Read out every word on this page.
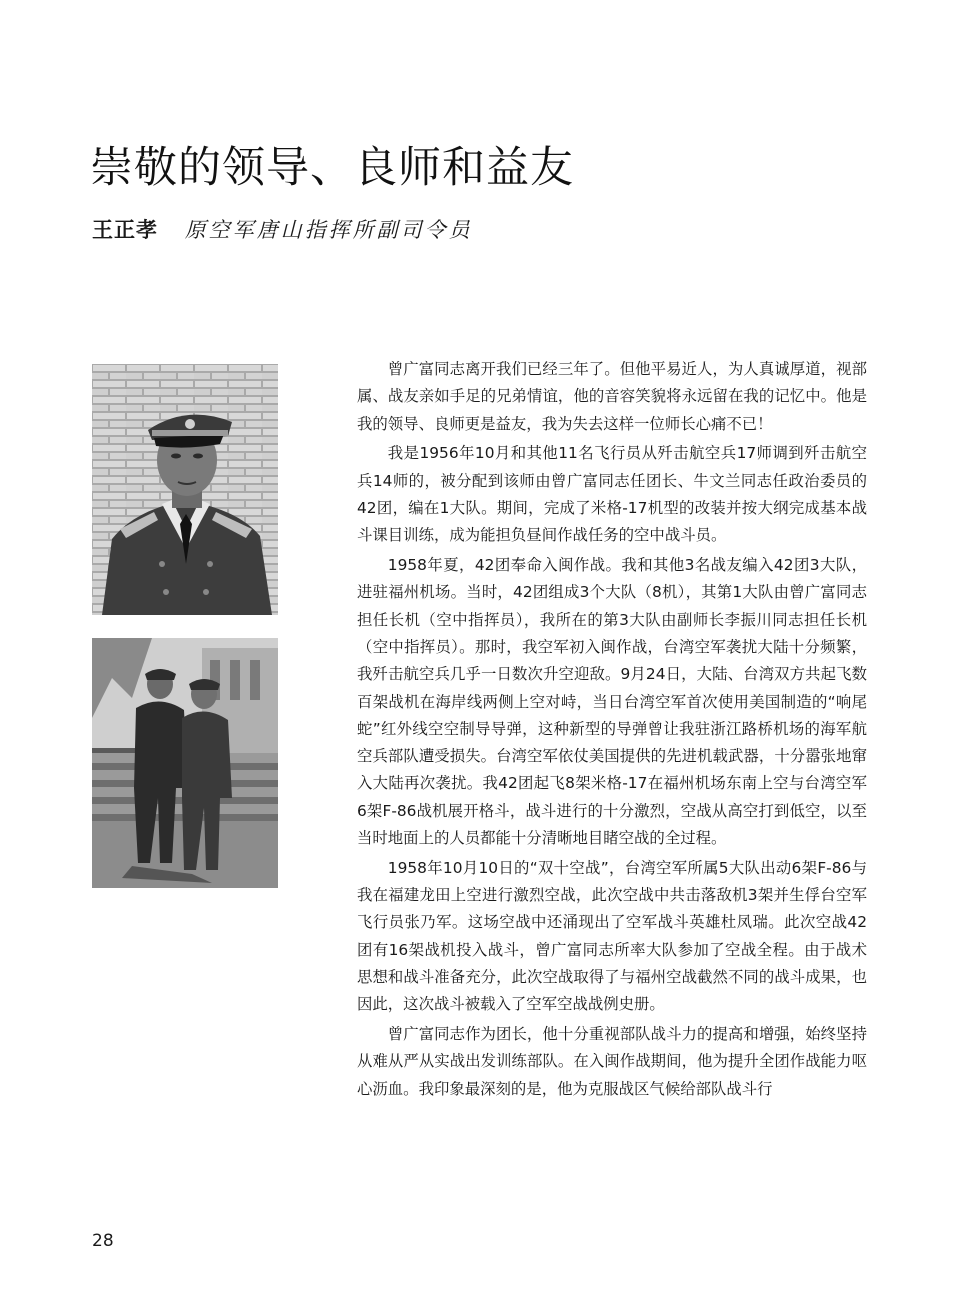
崇敬的领导、良师和益友
王正孝 原空军唐山指挥所副司令员

曾广富同志离开我们已经三年了。但他平易近人，为人真诚厚道，视部属、战友亲如手足的兄弟情谊，他的音容笑貌将永远留在我的记忆中。他是我的领导、良师更是益友，我为失去这样一位师长心痛不已！

我是1956年10月和其他11名飞行员从歼击航空兵17师调到歼击航空兵14师的，被分配到该师由曾广富同志任团长、牛文兰同志任政治委员的42团，编在1大队。期间，完成了米格-17机型的改装并按大纲完成基本战斗课目训练，成为能担负昼间作战任务的空中战斗员。

1958年夏，42团奉命入闽作战。我和其他3名战友编入42团3大队，进驻福州机场。当时，42团组成3个大队（8机），其第1大队由曾广富同志担任长机（空中指挥员），我所在的第3大队由副师长李振川同志担任长机（空中指挥员）。那时，我空军初入闽作战，台湾空军袭扰大陆十分频繁，我歼击航空兵几乎一日数次升空迎敌。9月24日，大陆、台湾双方共起飞数百架战机在海岸线两侧上空对峙，当日台湾空军首次使用美国制造的“响尾蛇”红外线空空制导导弹，这种新型的导弹曾让我驻浙江路桥机场的海军航空兵部队遭受损失。台湾空军依仗美国提供的先进机载武器，十分嚣张地窜入大陆再次袭扰。我42团起飞8架米格-17在福州机场东南上空与台湾空军6架F-86战机展开格斗，战斗进行的十分激烈，空战从高空打到低空，以至当时地面上的人员都能十分清晰地目睹空战的全过程。

1958年10月10日的“双十空战”，台湾空军所属5大队出动6架F-86与我在福建龙田上空进行激烈空战，此次空战中共击落敌机3架并生俘台空军飞行员张乃军。这场空战中还涌现出了空军战斗英雄杜凤瑞。此次空战42团有16架战机投入战斗，曾广富同志所率大队参加了空战全程。由于战术思想和战斗准备充分，此次空战取得了与福州空战截然不同的战斗成果，也因此，这次战斗被载入了空军空战战例史册。

曾广富同志作为团长，他十分重视部队战斗力的提高和增强，始终坚持从难从严从实战出发训练部队。在入闽作战期间，他为提升全团作战能力呕心沥血。我印象最深刻的是，他为克服战区气候给部队战斗行

28
